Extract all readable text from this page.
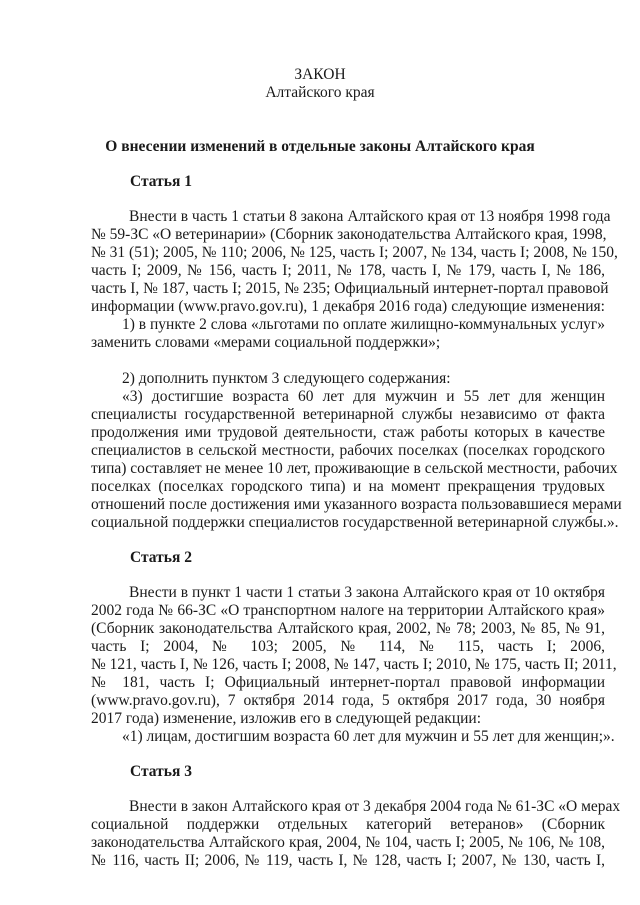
ЗАКОН
Алтайского края
О внесении изменений в отдельные законы Алтайского края
Статья 1
Внести в часть 1 статьи 8 закона Алтайского края от 13 ноября 1998 года
№ 59-ЗС «О ветеринарии» (Сборник законодательства Алтайского края, 1998,
№ 31 (51); 2005, № 110; 2006, № 125, часть I; 2007, № 134, часть I; 2008, № 150,
часть I; 2009, № 156, часть I; 2011, № 178, часть I, № 179, часть I, № 186,
часть I, № 187, часть I; 2015, № 235; Официальный интернет-портал правовой
информации (www.pravo.gov.ru), 1 декабря 2016 года) следующие изменения:
1) в пункте 2 слова «льготами по оплате жилищно-коммунальных услуг»
заменить словами «мерами социальной поддержки»;
2) дополнить пунктом 3 следующего содержания:
«3) достигшие возраста 60 лет для мужчин и 55 лет для женщин
специалисты государственной ветеринарной службы независимо от факта
продолжения ими трудовой деятельности, стаж работы которых в качестве
специалистов в сельской местности, рабочих поселках (поселках городского
типа) составляет не менее 10 лет, проживающие в сельской местности, рабочих
поселках (поселках городского типа) и на момент прекращения трудовых
отношений после достижения ими указанного возраста пользовавшиеся мерами
социальной поддержки специалистов государственной ветеринарной службы.».
Статья 2
Внести в пункт 1 части 1 статьи 3 закона Алтайского края от 10 октября
2002 года № 66-ЗС «О транспортном налоге на территории Алтайского края»
(Сборник законодательства Алтайского края, 2002, № 78; 2003, № 85, № 91,
часть I; 2004, № 103; 2005, № 114, № 115, часть I; 2006,
№ 121, часть I, № 126, часть I; 2008, № 147, часть I; 2010, № 175, часть II; 2011,
№ 181, часть I; Официальный интернет-портал правовой информации
(www.pravo.gov.ru), 7 октября 2014 года, 5 октября 2017 года, 30 ноября
2017 года) изменение, изложив его в следующей редакции:
«1) лицам, достигшим возраста 60 лет для мужчин и 55 лет для женщин;».
Статья 3
Внести в закон Алтайского края от 3 декабря 2004 года № 61-ЗС «О мерах
социальной поддержки отдельных категорий ветеранов» (Сборник
законодательства Алтайского края, 2004, № 104, часть I; 2005, № 106, № 108,
№ 116, часть II; 2006, № 119, часть I, № 128, часть I; 2007, № 130, часть I,
